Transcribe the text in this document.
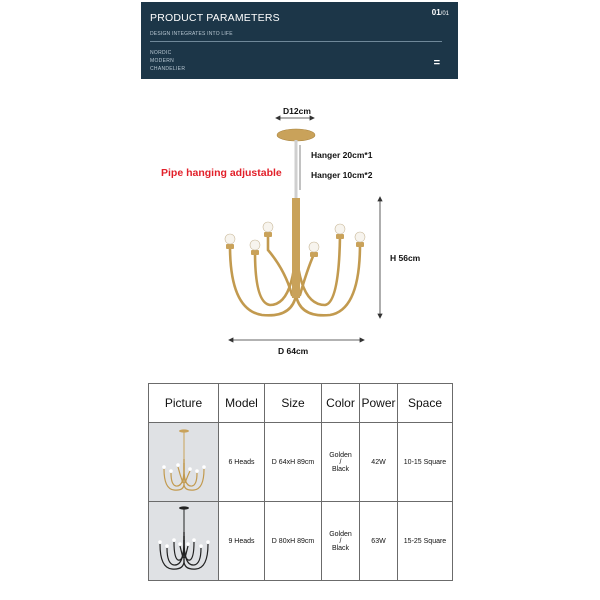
PRODUCT PARAMETERS	01/01
DESIGN INTEGRATES INTO LIFE
NORDIC
MODERN
CHANDELIER	=
D12cm
Hanger 20cm*1
Hanger 10cm*2
Pipe hanging adjustable
H 56cm
D 64cm
Picture	Model	Size	Color	Power	Space
	6 Heads	D 64xH 89cm	Golden
/
Black	42W	10-15 Square
	9 Heads	D 80xH 89cm	Golden
/
Black	63W	15-25 Square
